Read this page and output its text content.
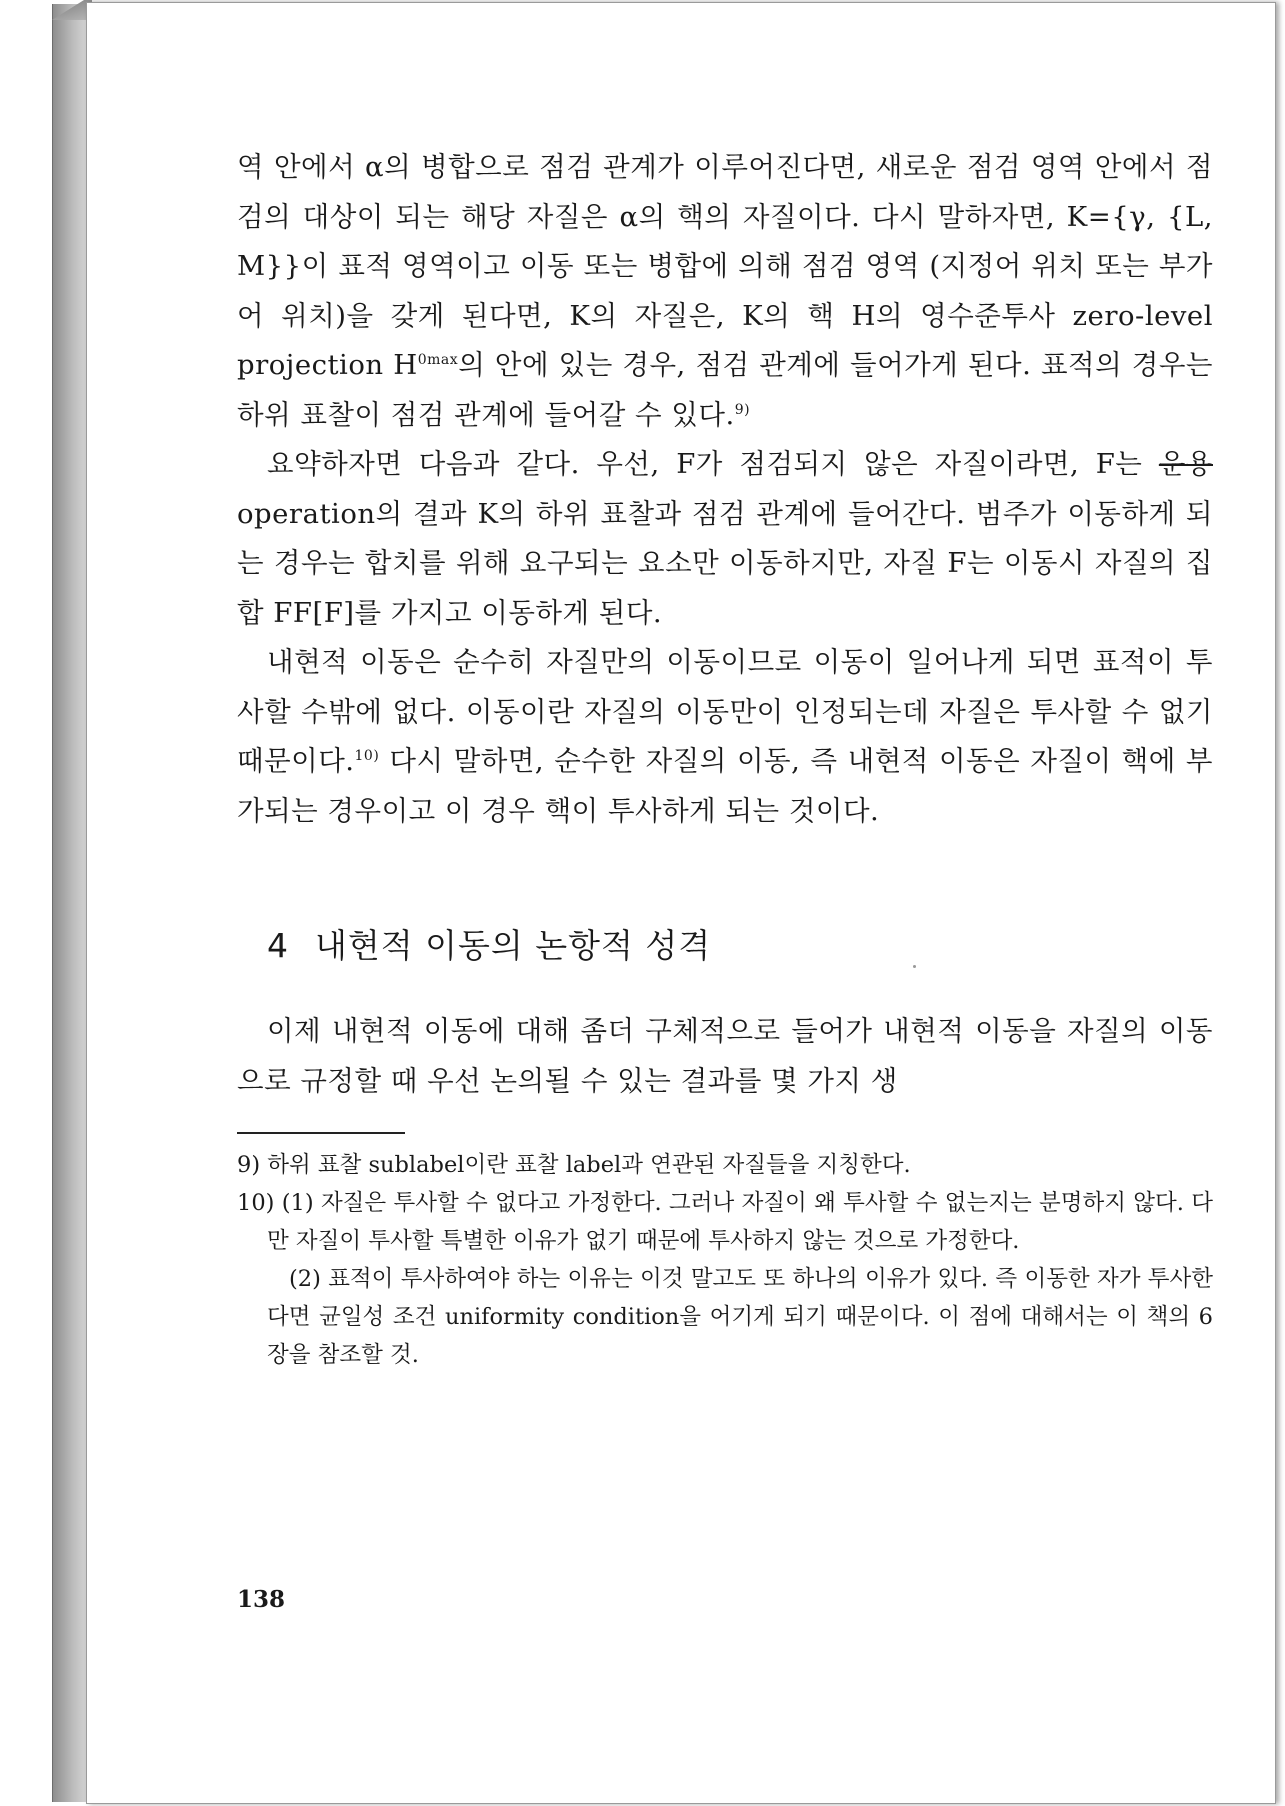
역 안에서 α의 병합으로 점검 관계가 이루어진다면, 새로운 점검 영역 안에서 점검의 대상이 되는 해당 자질은 α의 핵의 자질이다. 다시 말하자면, K={γ, {L, M}}이 표적 영역이고 이동 또는 병합에 의해 점검 영역 (지정어 위치 또는 부가어 위치)을 갖게 된다면, K의 자질은, K의 핵 H의 영수준투사 zero-level projection $H^{0max}$의 안에 있는 경우, 점검 관계에 들어가게 된다. 표적의 경우는 하위 표찰이 점검 관계에 들어갈 수 있다.$^{9)}$

요약하자면 다음과 같다. 우선, F가 점검되지 않은 자질이라면, F는 운용 operation의 결과 K의 하위 표찰과 점검 관계에 들어간다. 범주가 이동하게 되는 경우는 합치를 위해 요구되는 요소만 이동하지만, 자질 F는 이동시 자질의 집합 FF[F]를 가지고 이동하게 된다.

내현적 이동은 순수히 자질만의 이동이므로 이동이 일어나게 되면 표적이 투사할 수밖에 없다. 이동이란 자질의 이동만이 인정되는데 자질은 투사할 수 없기 때문이다.$^{10)}$ 다시 말하면, 순수한 자질의 이동, 즉 내현적 이동은 자질이 핵에 부가되는 경우이고 이 경우 핵이 투사하게 되는 것이다.

4 내현적 이동의 논항적 성격

이제 내현적 이동에 대해 좀더 구체적으로 들어가 내현적 이동을 자질의 이동으로 규정할 때 우선 논의될 수 있는 결과를 몇 가지 생

9) 하위 표찰 sublabel이란 표찰 label과 연관된 자질들을 지칭한다.

10) (1) 자질은 투사할 수 없다고 가정한다. 그러나 자질이 왜 투사할 수 없는지는 분명하지 않다. 다만 자질이 투사할 특별한 이유가 없기 때문에 투사하지 않는 것으로 가정한다.

(2) 표적이 투사하여야 하는 이유는 이것 말고도 또 하나의 이유가 있다. 즉 이동한 자가 투사한다면 균일성 조건 uniformity condition을 어기게 되기 때문이다. 이 점에 대해서는 이 책의 6장을 참조할 것.

138
